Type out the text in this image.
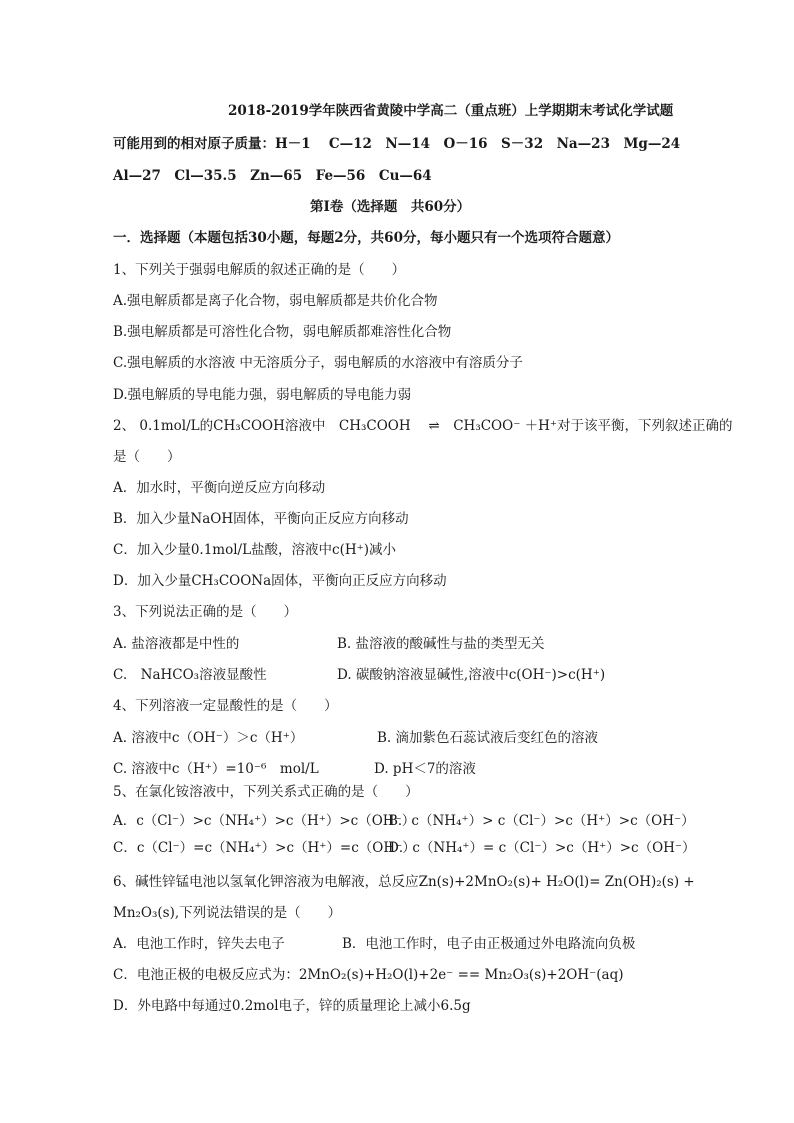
2018-2019学年陕西省黄陵中学高二（重点班）上学期期末考试化学试题
可能用到的相对原子质量：H－1　 C—12　N—14　O－16　S－32　Na—23　Mg—24
Al—27　Cl—35.5　Zn—65　Fe—56　Cu—64
第Ⅰ卷（选择题　共60分）
一．选择题（本题包括30小题，每题2分，共60分，每小题只有一个选项符合题意）
1、下列关于强弱电解质的叙述正确的是（　　）
A.强电解质都是离子化合物，弱电解质都是共价化合物
B.强电解质都是可溶性化合物，弱电解质都难溶性化合物
C.强电解质的水溶液 中无溶质分子，弱电解质的水溶液中有溶质分子
D.强电解质的导电能力强，弱电解质的导电能力弱
2、 0.1mol/L的CH₃COOH溶液中　CH₃COOH　 ⇌　CH₃COO⁻ ＋H⁺对于该平衡，下列叙述正确的
是（　　）
A．加水时，平衡向逆反应方向移动
B．加入少量NaOH固体，平衡向正反应方向移动
C．加入少量0.1mol/L盐酸，溶液中c(H⁺)减小
D．加入少量CH₃COONa固体，平衡向正反应方向移动
3、下列说法正确的是（　　）
A. 盐溶液都是中性的	B. 盐溶液的酸碱性与盐的类型无关
C.　NaHCO₃溶液显酸性	D. 碳酸钠溶液显碱性,溶液中c(OH⁻)>c(H⁺)
4、下列溶液一定显酸性的是（　　）
A. 溶液中c（OH⁻）＞c（H⁺）	B. 滴加紫色石蕊试液后变红色的溶液
C. 溶液中c（H⁺）=10⁻⁶　mol/L	D. pH＜7的溶液
5、在氯化铵溶液中，下列关系式正确的是（　　）
A．c（Cl⁻）>c（NH₄⁺）>c（H⁺）>c（OH⁻）
B．c（NH₄⁺）> c（Cl⁻）>c（H⁺）>c（OH⁻）
C．c（Cl⁻）=c（NH₄⁺）>c（H⁺）=c（OH⁻）
D．c（NH₄⁺）= c（Cl⁻）>c（H⁺）>c（OH⁻）
6、碱性锌锰电池以氢氧化钾溶液为电解液，总反应Zn(s)+2MnO₂(s)+ H₂O(l)= Zn(OH)₂(s) +
Mn₂O₃(s),下列说法错误的是（　　）
A．电池工作时，锌失去电子	B．电池工作时，电子由正极通过外电路流向负极
C．电池正极的电极反应式为：2MnO₂(s)+H₂O(l)+2e⁻ == Mn₂O₃(s)+2OH⁻(aq)
D．外电路中每通过0.2mol电子，锌的质量理论上减小6.5g
